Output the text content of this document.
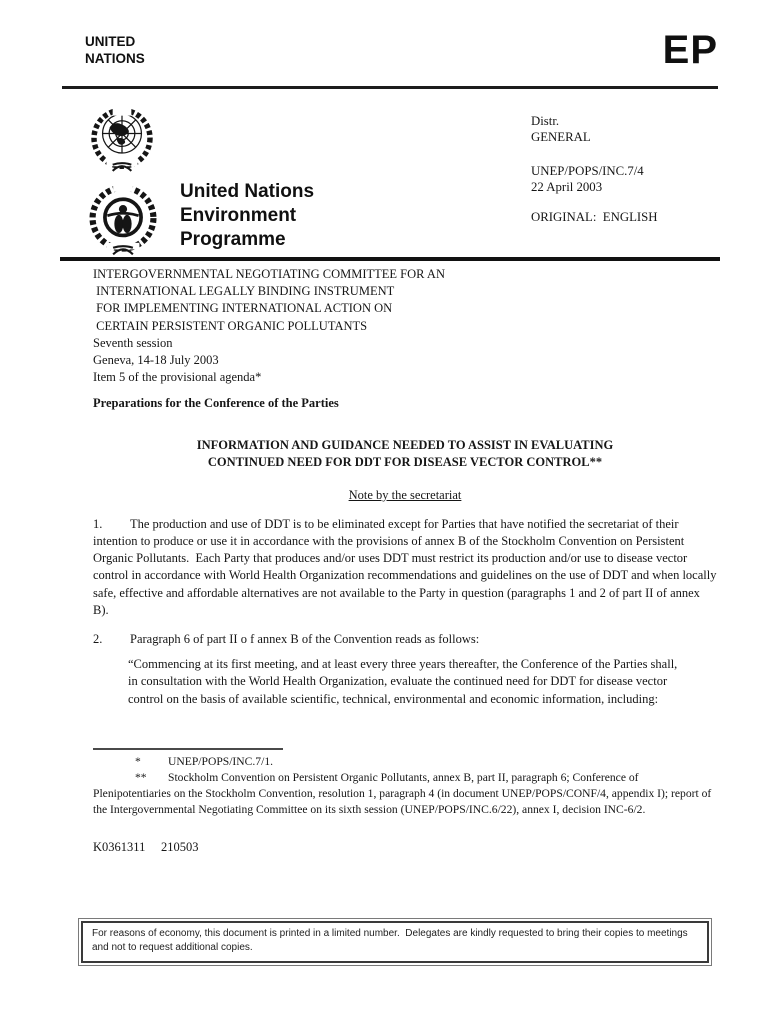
UNITED
NATIONS	EP
United Nations
Environment
Programme
Distr.
GENERAL
UNEP/POPS/INC.7/4
22 April 2003
ORIGINAL:  ENGLISH
INTERGOVERNMENTAL NEGOTIATING COMMITTEE FOR AN
INTERNATIONAL LEGALLY BINDING INSTRUMENT
FOR IMPLEMENTING INTERNATIONAL ACTION ON
CERTAIN PERSISTENT ORGANIC POLLUTANTS
Seventh session
Geneva, 14-18 July 2003
Item 5 of the provisional agenda*
Preparations for the Conference of the Parties
INFORMATION AND GUIDANCE NEEDED TO ASSIST IN EVALUATING
CONTINUED NEED FOR DDT FOR DISEASE VECTOR CONTROL**
Note by the secretariat
1. The production and use of DDT is to be eliminated except for Parties that have notified the secretariat of their intention to produce or use it in accordance with the provisions of annex B of the Stockholm Convention on Persistent Organic Pollutants.  Each Party that produces and/or uses DDT must restrict its production and/or use to disease vector control in accordance with World Health Organization recommendations and guidelines on the use of DDT and when locally safe, effective and affordable alternatives are not available to the Party in question (paragraphs 1 and 2 of part II of annex B).
2. Paragraph 6 of part II o f annex B of the Convention reads as follows:
“Commencing at its first meeting, and at least every three years thereafter, the Conference of the Parties shall, in consultation with the World Health Organization, evaluate the continued need for DDT for disease vector control on the basis of available scientific, technical, environmental and economic information, including:
* UNEP/POPS/INC.7/1.
** Stockholm Convention on Persistent Organic Pollutants, annex B, part II, paragraph 6; Conference of Plenipotentiaries on the Stockholm Convention, resolution 1, paragraph 4 (in document UNEP/POPS/CONF/4, appendix I); report of the Intergovernmental Negotiating Committee on its sixth session (UNEP/POPS/INC.6/22), annex I, decision INC-6/2.
K0361311     210503
For reasons of economy, this document is printed in a limited number.  Delegates are kindly requested to bring their copies to meetings and not to request additional copies.
